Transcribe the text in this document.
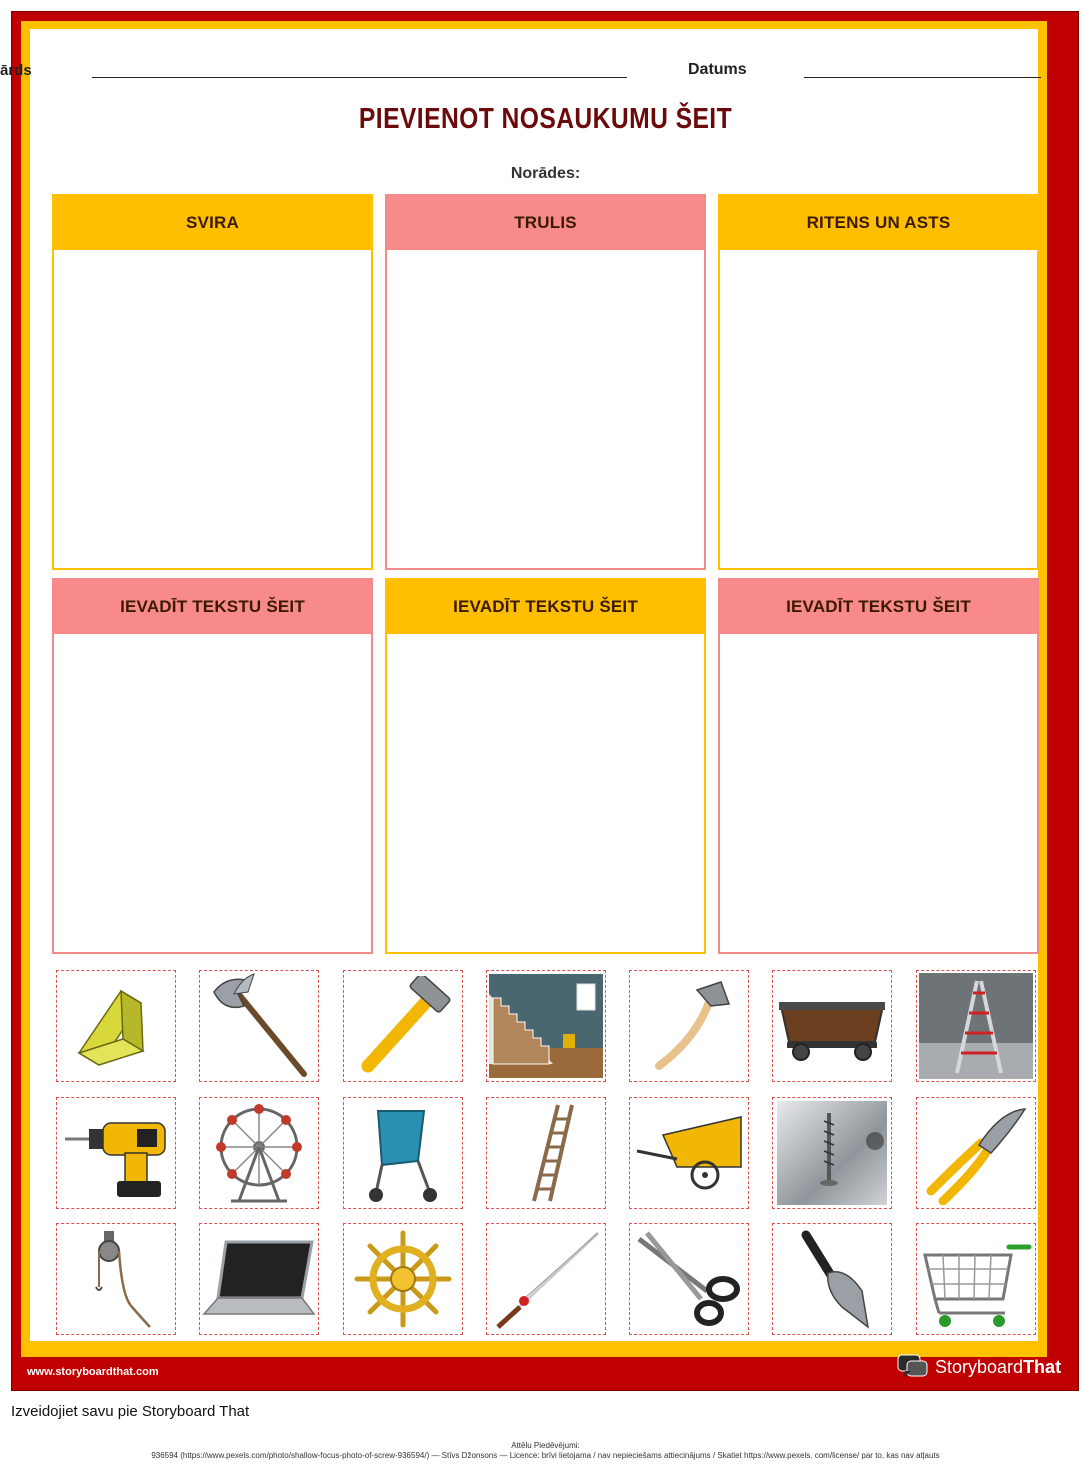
ārds	Datums
PIEVIENOT NOSAUKUMU ŠEIT
Norādes:
SVIRA	TRULIS	RITENS UN ASTS
IEVADĪT TEKSTU ŠEIT	IEVADĪT TEKSTU ŠEIT	IEVADĪT TEKSTU ŠEIT
www.storyboardthat.com	StoryboardThat
Izveidojiet savu pie Storyboard That
Attēlu Piedēvējumi:
936594 (https://www.pexels.com/photo/shallow-focus-photo-of-screw-936594/) — Stīvs Džonsons — Licence: brīvi lietojama / nav nepieciešams attiecinājums / Skatiet https://www.pexels. com/license/ par to, kas nav atļauts
